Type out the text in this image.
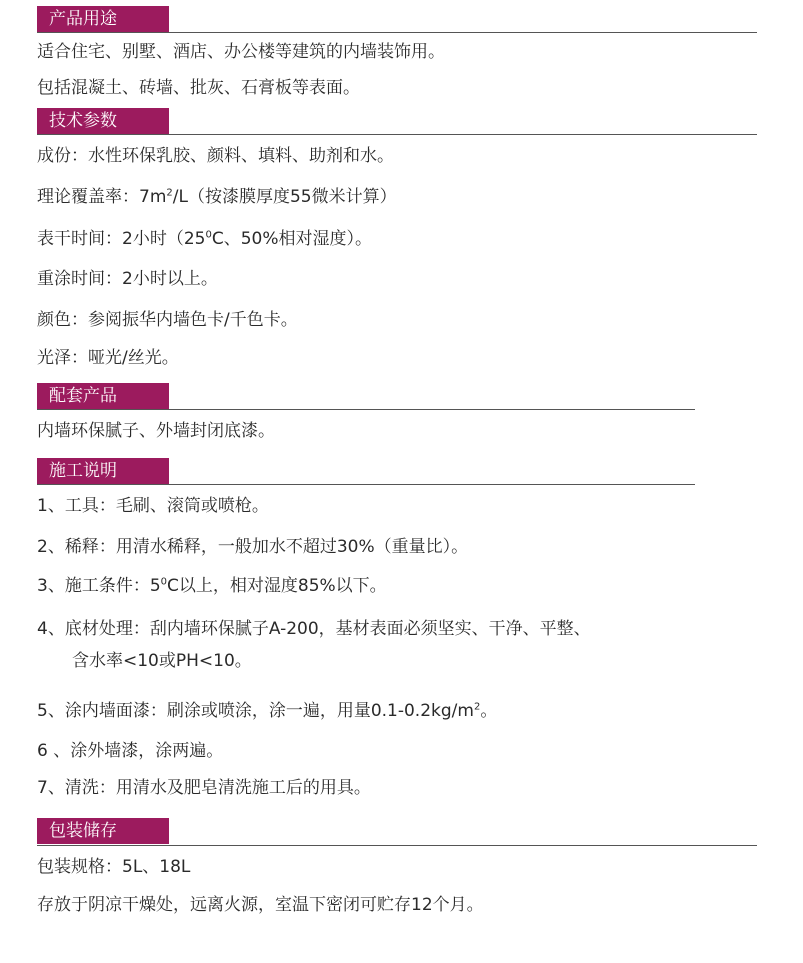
产品用途
适合住宅、别墅、酒店、办公楼等建筑的内墙装饰用。
包括混凝土、砖墙、批灰、石膏板等表面。
技术参数
成份：水性环保乳胶、颜料、填料、助剂和水。
理论覆盖率：$7m^2/L$（按漆膜厚度55微米计算）
表干时间：2小时（$25^0C$、50%相对湿度）。
重涂时间：2小时以上。
颜色：参阅振华内墙色卡/千色卡。
光泽：哑光/丝光。
配套产品
内墙环保腻子、外墙封闭底漆。
施工说明
1、工具：毛刷、滚筒或喷枪。
2、稀释：用清水稀释，一般加水不超过30%（重量比）。
3、施工条件：$5^0C$以上，相对湿度85%以下。
4、底材处理：刮内墙环保腻子A-200，基材表面必须坚实、干净、平整、
含水率<10或PH<10。
5、涂内墙面漆：刷涂或喷涂，涂一遍，用量$0.1-0.2kg/m^2$。
6 、涂外墙漆，涂两遍。
7、清洗：用清水及肥皂清洗施工后的用具。
包装储存
包装规格：5L、18L
存放于阴凉干燥处，远离火源，室温下密闭可贮存12个月。
